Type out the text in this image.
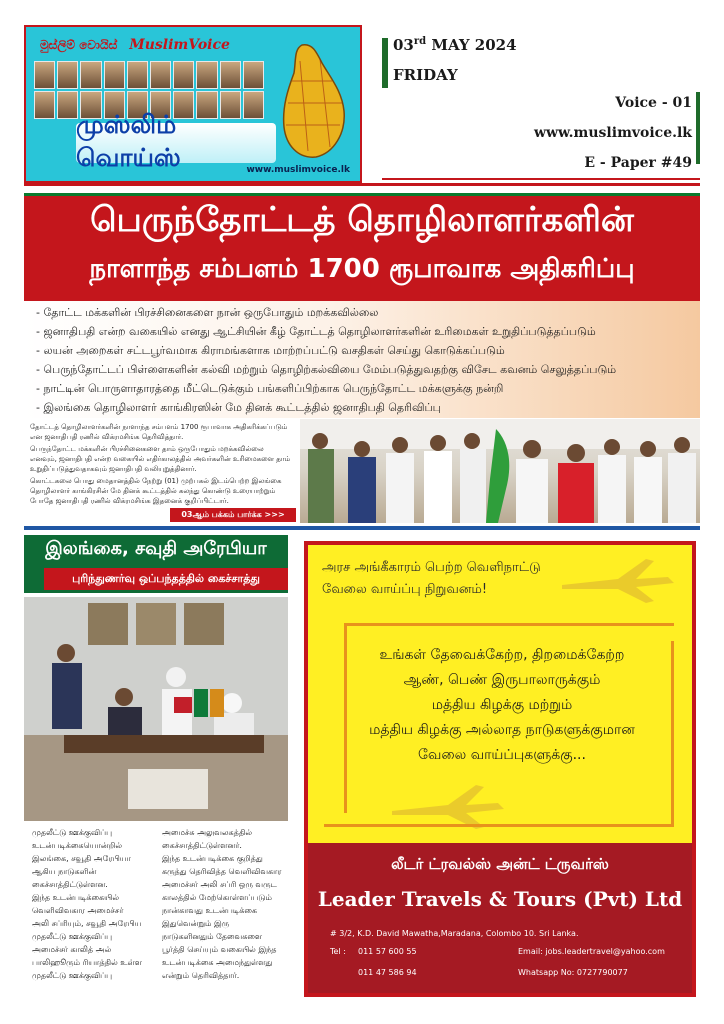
මුස්ලිම් වොයිස් MuslimVoice
முஸ்லிம் வொய்ஸ்	www.muslimvoice.lk
03rd MAY 2024
FRIDAY
Voice - 01
www.muslimvoice.lk
E - Paper #49
பெருந்தோட்டத் தொழிலாளர்களின்
நாளாந்த சம்பளம் 1700 ரூபாவாக அதிகரிப்பு
- தோட்ட மக்களின் பிரச்சினைகளை நான் ஒருபோதும் மறக்கவில்லை
- ஜனாதிபதி என்ற வகையில் எனது ஆட்சியின் கீழ் தோட்டத் தொழிலாளர்களின் உரிமைகள் உறுதிப்படுத்தப்படும்
- லயன் அறைகள் சட்டபூர்வமாக கிராமங்களாக மாற்றப்பட்டு வசதிகள் செய்து கொடுக்கப்படும்
- பெருந்தோட்டப் பிள்ளைகளின் கல்வி மற்றும் தொழிற்கல்வியை மேம்படுத்துவதற்கு விசேட கவனம் செலுத்தப்படும்
- நாட்டின் பொருளாதாரத்தை மீட்டெடுக்கும் பங்களிப்பிற்காக பெருந்தோட்ட மக்களுக்கு நன்றி
- இலங்கை தொழிலாளர் காங்கிரஸின் மே தினக் கூட்டத்தில் ஜனாதிபதி தெரிவிப்பு

தோட்டத் தொழிலாளர்களின் நாளாந்த சம்பளம் 1700 ரூபாவாக அதிகரிக்கப்படும் என ஜனாதிபதி ரணில் விக்ரமசிங்க தெரிவித்தார்.

பெருந்தோட்ட மக்களின் பிரச்சினைகளை தாம் ஒருபோதும் மறக்கவில்லை எனவும், ஜனாதிபதி என்ற வகையில் எதிர்காலத்தில் அவர்களின் உரிமைகளை தாம் உறுதிப்படுத்துவதாகவும் ஜனாதிபதி வலியுறுத்தினார்.

கொட்டகலை பொது மைதானத்தில் நேற்று (01) முற்பகல் இடம்பெற்ற இலங்கை தொழிலாளர் காங்கிரசின் மே தினக் கூட்டத்தில் கலந்து கொண்டு உரையாற்றும் போதே ஜனாதிபதி ரணில் விக்ரமசிங்க இதனைக் குறிப்பிட்டார்.

03ஆம் பக்கம் பார்க்க >>>
இலங்கை, சவுதி அரேபியா
புரிந்துணர்வு ஒப்பந்தத்தில் கைச்சாத்து
முதலீட்டு ஊக்குவிப்பு
உடன்படிக்கையொன்றில்
இலங்கை, சவூதி அரேபியா
ஆகிய நாடுகளின்
கைச்சாத்திட்டுள்ளன.
இந்த உடன்படிக்கையில்
வெளிவிவகார அமைச்சர்
அலி சப்ரியும், சவூதி அரேபிய
முதலீட்டு ஊக்குவிப்பு
அமைச்சர் காலித் அல்
பாலிஹூரும் ரியாத்தில் உள்ள
முதலீட்டு ஊக்குவிப்பு
அமைச்சு அலுவலகத்தில்
கைச்சாத்திட்டுள்ளனர்.
இந்த உடன்படிக்கை குறித்து
கருத்து தெரிவித்த வெளிவிவகார
அமைச்சர் அலி சப்ரி ஒரு வருட
காலத்தில் மேற்கொள்ளப்படும்
நான்காவது உடன்படிக்கை
இதுவென்றும் இரு
நாடுகளினதும் தேவைகளை
பூர்த்தி செய்யும் வகையில் இந்த
உடன்படிக்கை அமைந்துள்ளது
என்றும் தெரிவித்தார்.
அரச அங்கீகாரம் பெற்ற வெளிநாட்டு
வேலை வாய்ப்பு நிறுவனம்!
உங்கள் தேவைக்கேற்ற, திறமைக்கேற்ற
ஆண், பெண் இருபாலாருக்கும்
மத்திய கிழக்கு மற்றும்
மத்திய கிழக்கு அல்லாத நாடுகளுக்குமான
வேலை வாய்ப்புகளுக்கு...
லீடர் ட்ரவல்ஸ் அன்ட் ட்ருவர்ஸ்
Leader Travels & Tours (Pvt) Ltd
# 3/2, K.D. David Mawatha,Maradana, Colombo 10. Sri Lanka.
Tel : 011 57 600 55
011 47 586 94
Email: jobs.leadertravel@yahoo.com
Whatsapp No: 0727790077
